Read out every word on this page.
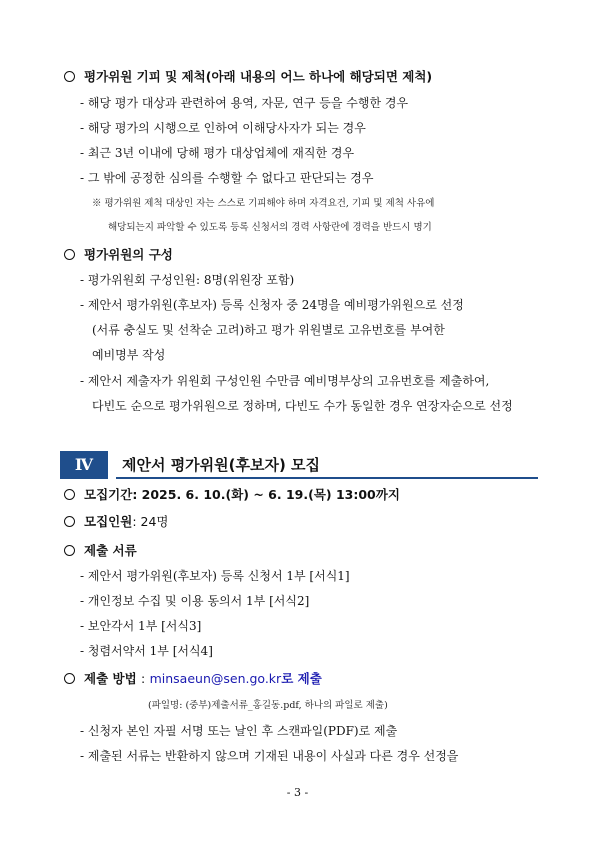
평가위원 기피 및 제척(아래 내용의 어느 하나에 해당되면 제척)
- 해당 평가 대상과 관련하여 용역, 자문, 연구 등을 수행한 경우
- 해당 평가의 시행으로 인하여 이해당사자가 되는 경우
- 최근 3년 이내에 당해 평가 대상업체에 재직한 경우
- 그 밖에 공정한 심의를 수행할 수 없다고 판단되는 경우
※ 평가위원 제척 대상인 자는 스스로 기피해야 하며 자격요건, 기피 및 제척 사유에
해당되는지 파악할 수 있도록 등록 신청서의 경력 사항란에 경력을 반드시 명기
평가위원의 구성
- 평가위원회 구성인원: 8명(위원장 포함)
- 제안서 평가위원(후보자) 등록 신청자 중 24명을 예비평가위원으로 선정
(서류 충실도 및 선착순 고려)하고 평가 위원별로 고유번호를 부여한
예비명부 작성
- 제안서 제출자가 위원회 구성인원 수만큼 예비명부상의 고유번호를 제출하여,
다빈도 순으로 평가위원으로 정하며, 다빈도 수가 동일한 경우 연장자순으로 선정
Ⅳ	제안서 평가위원(후보자) 모집
모집기간: 2025. 6. 10.(화) ~ 6. 19.(목) 13:00까지
모집인원: 24명
제출 서류
- 제안서 평가위원(후보자) 등록 신청서 1부 [서식1]
- 개인정보 수집 및 이용 동의서 1부 [서식2]
- 보안각서 1부 [서식3]
- 청렴서약서 1부 [서식4]
제출 방법 : minsaeun@sen.go.kr로 제출
(파일명: (중부)제출서류_홍길동.pdf, 하나의 파일로 제출)
- 신청자 본인 자필 서명 또는 날인 후 스캔파일(PDF)로 제출
- 제출된 서류는 반환하지 않으며 기재된 내용이 사실과 다른 경우 선정을
- 3 -
